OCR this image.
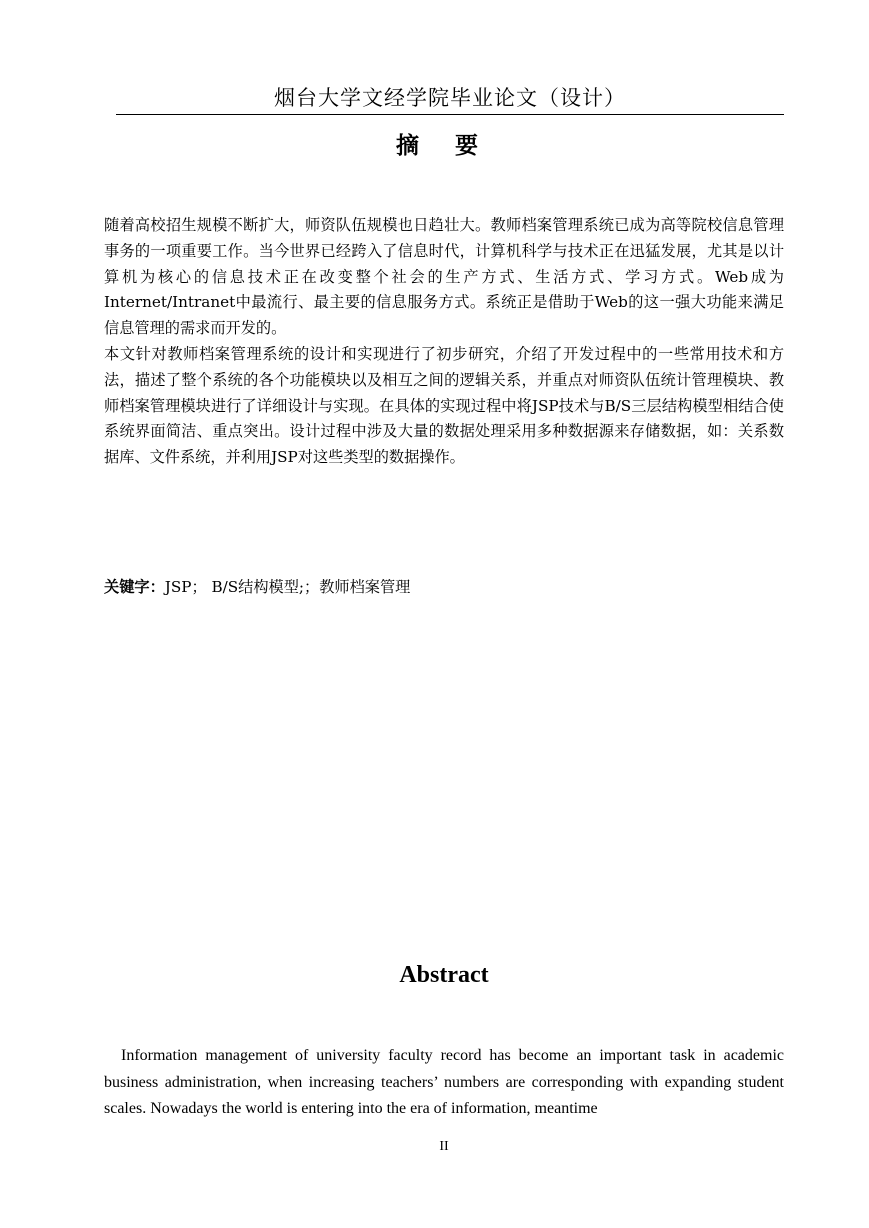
烟台大学文经学院毕业论文（设计）
摘 要

随着高校招生规模不断扩大，师资队伍规模也日趋壮大。教师档案管理系统已成为高等院校信息管理事务的一项重要工作。当今世界已经跨入了信息时代，计算机科学与技术正在迅猛发展，尤其是以计算机为核心的信息技术正在改变整个社会的生产方式、生活方式、学习方式。Web成为Internet/Intranet中最流行、最主要的信息服务方式。系统正是借助于Web的这一强大功能来满足信息管理的需求而开发的。

本文针对教师档案管理系统的设计和实现进行了初步研究，介绍了开发过程中的一些常用技术和方法，描述了整个系统的各个功能模块以及相互之间的逻辑关系，并重点对师资队伍统计管理模块、教师档案管理模块进行了详细设计与实现。在具体的实现过程中将JSP技术与B/S三层结构模型相结合使系统界面简洁、重点突出。设计过程中涉及大量的数据处理采用多种数据源来存储数据，如：关系数据库、文件系统，并利用JSP对这些类型的数据操作。

关键字：JSP； B/S结构模型;；教师档案管理
Abstract

Information management of university faculty record has become an important task in academic business administration, when increasing teachers’ numbers are corresponding with expanding student scales. Nowadays the world is entering into the era of information, meantime

II
